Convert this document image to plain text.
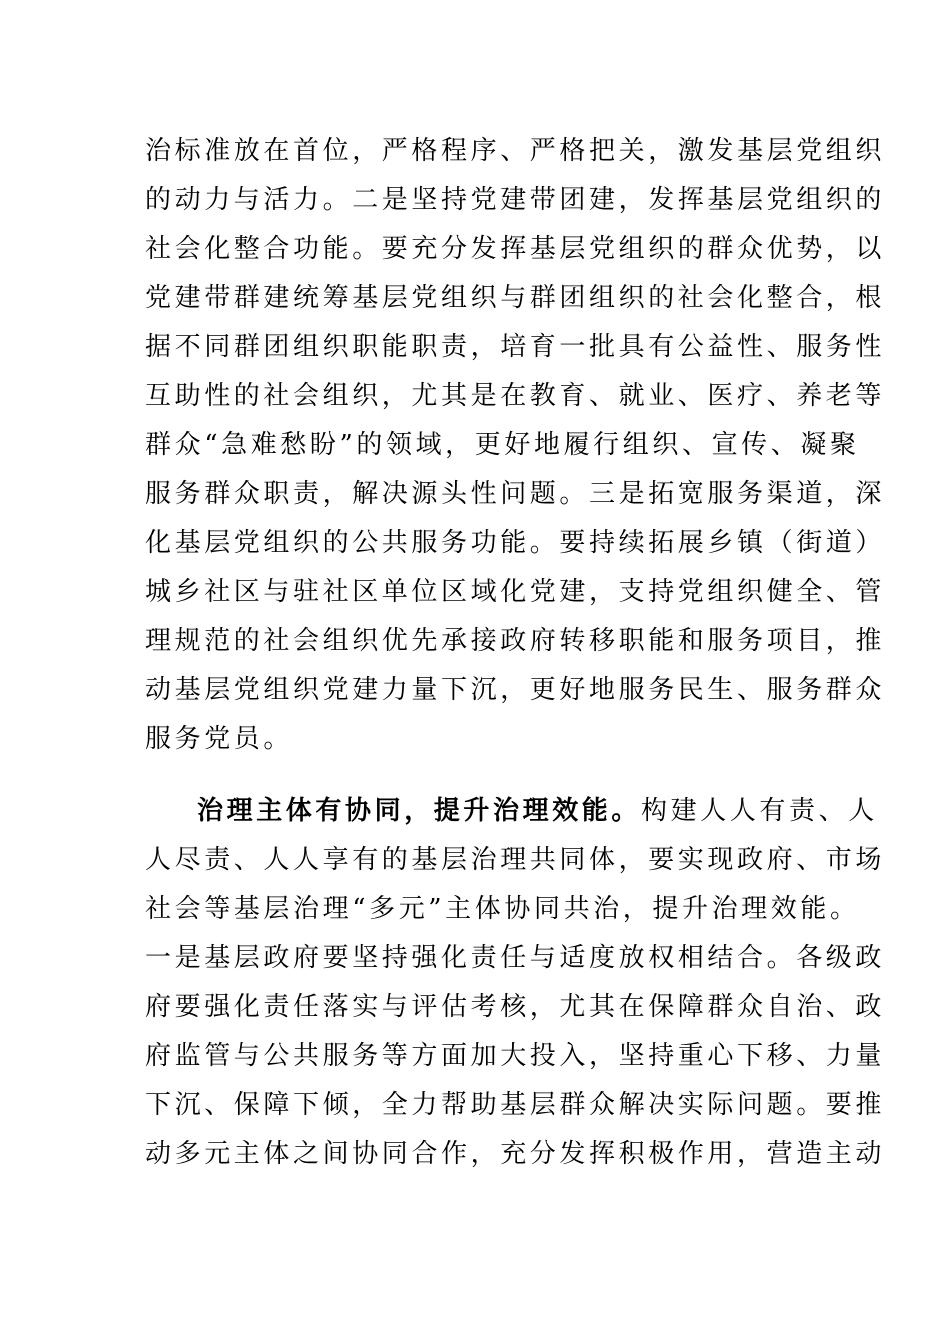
治标准放在首位，严格程序、严格把关，激发基层党组织
的动力与活力。二是坚持党建带团建，发挥基层党组织的
社会化整合功能。要充分发挥基层党组织的群众优势，以
党建带群建统筹基层党组织与群团组织的社会化整合，根
据不同群团组织职能职责，培育一批具有公益性、服务性
互助性的社会组织，尤其是在教育、就业、医疗、养老等
群众“急难愁盼”的领域，更好地履行组织、宣传、凝聚
服务群众职责，解决源头性问题。三是拓宽服务渠道，深
化基层党组织的公共服务功能。要持续拓展乡镇（街道）
城乡社区与驻社区单位区域化党建，支持党组织健全、管
理规范的社会组织优先承接政府转移职能和服务项目，推
动基层党组织党建力量下沉，更好地服务民生、服务群众
服务党员。
治理主体有协同，提升治理效能。构建人人有责、人
人尽责、人人享有的基层治理共同体，要实现政府、市场
社会等基层治理“多元”主体协同共治，提升治理效能。
一是基层政府要坚持强化责任与适度放权相结合。各级政
府要强化责任落实与评估考核，尤其在保障群众自治、政
府监管与公共服务等方面加大投入，坚持重心下移、力量
下沉、保障下倾，全力帮助基层群众解决实际问题。要推
动多元主体之间协同合作，充分发挥积极作用，营造主动
